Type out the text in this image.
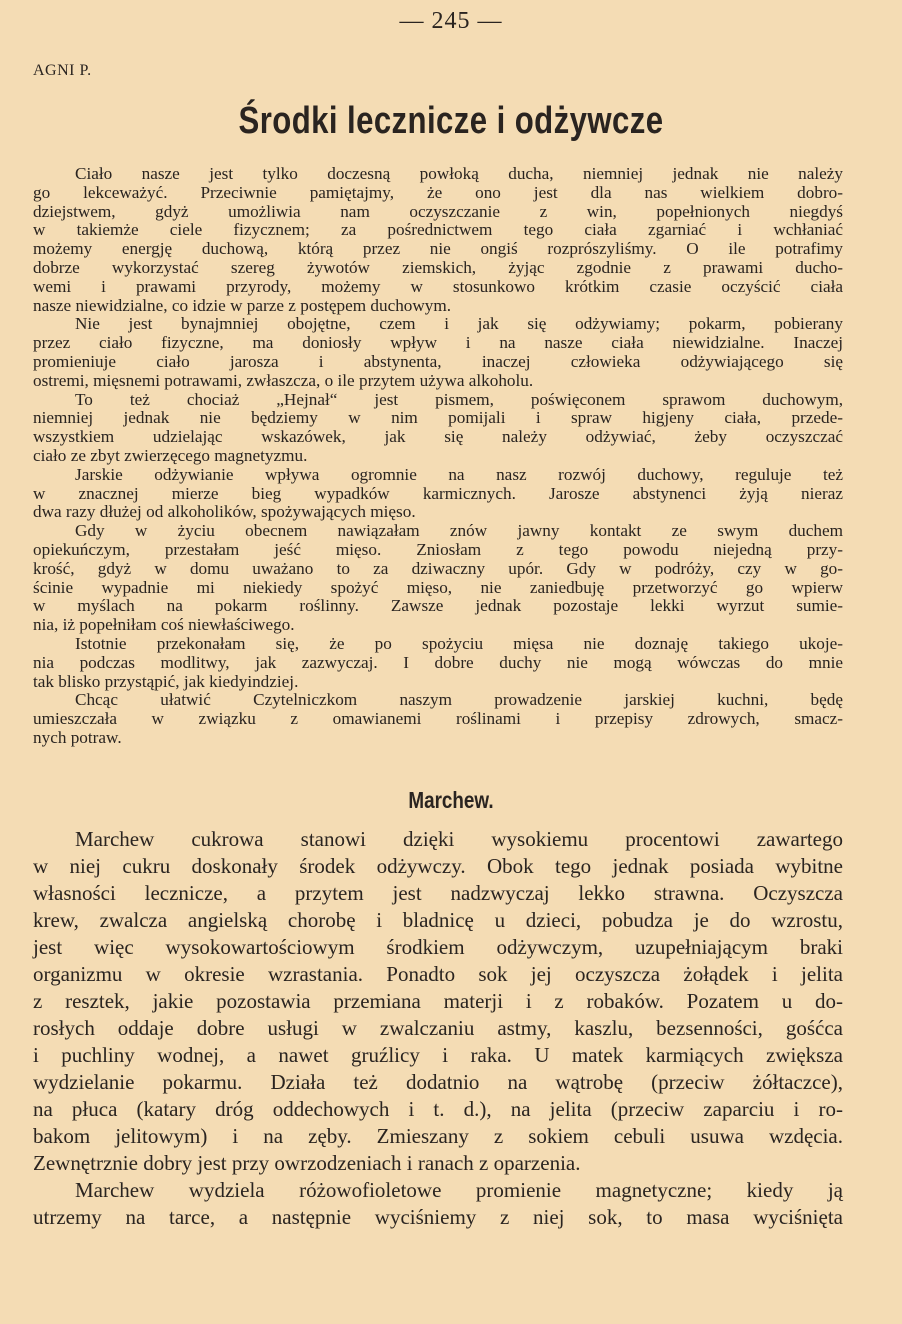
— 245 —
AGNI P.
Środki lecznicze i odżywcze
Ciało nasze jest tylko doczesną powłoką ducha, niemniej jednak nie należy
go lekceważyć. Przeciwnie pamiętajmy, że ono jest dla nas wielkiem dobro-
dziejstwem, gdyż umożliwia nam oczyszczanie z win, popełnionych niegdyś
w takiemże ciele fizycznem; za pośrednictwem tego ciała zgarniać i wchłaniać
możemy energję duchową, którą przez nie ongiś rozprószyliśmy. O ile potrafimy
dobrze wykorzystać szereg żywotów ziemskich, żyjąc zgodnie z prawami ducho-
wemi i prawami przyrody, możemy w stosunkowo krótkim czasie oczyścić ciała
nasze niewidzialne, co idzie w parze z postępem duchowym.
Nie jest bynajmniej obojętne, czem i jak się odżywiamy; pokarm, pobierany
przez ciało fizyczne, ma doniosły wpływ i na nasze ciała niewidzialne. Inaczej
promieniuje ciało jarosza i abstynenta, inaczej człowieka odżywiającego się
ostremi, mięsnemi potrawami, zwłaszcza, o ile przytem używa alkoholu.
To też chociaż „Hejnał“ jest pismem, poświęconem sprawom duchowym,
niemniej jednak nie będziemy w nim pomijali i spraw higjeny ciała, przede-
wszystkiem udzielając wskazówek, jak się należy odżywiać, żeby oczyszczać
ciało ze zbyt zwierzęcego magnetyzmu.
Jarskie odżywianie wpływa ogromnie na nasz rozwój duchowy, reguluje też
w znacznej mierze bieg wypadków karmicznych. Jarosze abstynenci żyją nieraz
dwa razy dłużej od alkoholików, spożywających mięso.
Gdy w życiu obecnem nawiązałam znów jawny kontakt ze swym duchem
opiekuńczym, przestałam jeść mięso. Zniosłam z tego powodu niejedną przy-
krość, gdyż w domu uważano to za dziwaczny upór. Gdy w podróży, czy w go-
ścinie wypadnie mi niekiedy spożyć mięso, nie zaniedbuję przetworzyć go wpierw
w myślach na pokarm roślinny. Zawsze jednak pozostaje lekki wyrzut sumie-
nia, iż popełniłam coś niewłaściwego.
Istotnie przekonałam się, że po spożyciu mięsa nie doznaję takiego ukoje-
nia podczas modlitwy, jak zazwyczaj. I dobre duchy nie mogą wówczas do mnie
tak blisko przystąpić, jak kiedyindziej.
Chcąc ułatwić Czytelniczkom naszym prowadzenie jarskiej kuchni, będę
umieszczała w związku z omawianemi roślinami i przepisy zdrowych, smacz-
nych potraw.
Marchew.
Marchew cukrowa stanowi dzięki wysokiemu procentowi zawartego
w niej cukru doskonały środek odżywczy. Obok tego jednak posiada wybitne
własności lecznicze, a przytem jest nadzwyczaj lekko strawna. Oczyszcza
krew, zwalcza angielską chorobę i bladnicę u dzieci, pobudza je do wzrostu,
jest więc wysokowartościowym środkiem odżywczym, uzupełniającym braki
organizmu w okresie wzrastania. Ponadto sok jej oczyszcza żołądek i jelita
z resztek, jakie pozostawia przemiana materji i z robaków. Pozatem u do-
rosłych oddaje dobre usługi w zwalczaniu astmy, kaszlu, bezsenności, gośćca
i puchliny wodnej, a nawet gruźlicy i raka. U matek karmiących zwiększa
wydzielanie pokarmu. Działa też dodatnio na wątrobę (przeciw żółtaczce),
na płuca (katary dróg oddechowych i t. d.), na jelita (przeciw zaparciu i ro-
bakom jelitowym) i na zęby. Zmieszany z sokiem cebuli usuwa wzdęcia.
Zewnętrznie dobry jest przy owrzodzeniach i ranach z oparzenia.
Marchew wydziela różowofioletowe promienie magnetyczne; kiedy ją
utrzemy na tarce, a następnie wyciśniemy z niej sok, to masa wyciśnięta
